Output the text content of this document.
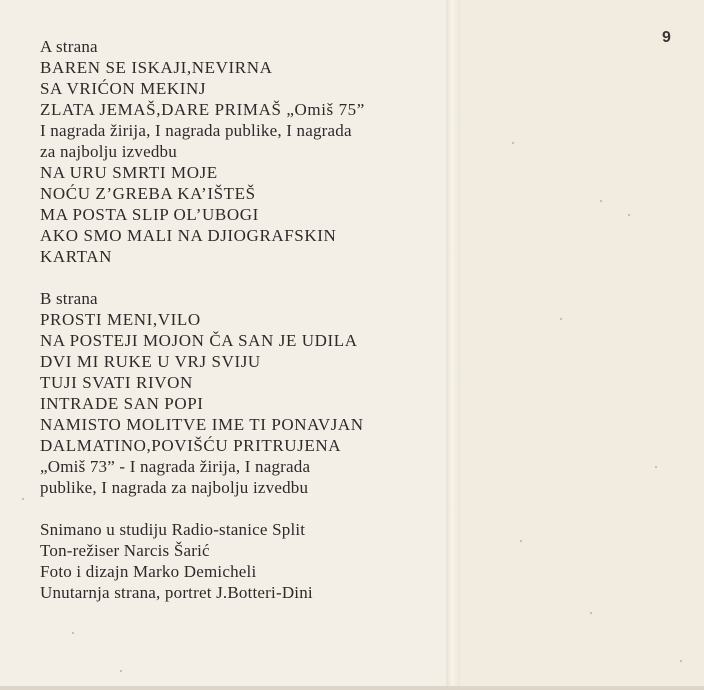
A strana
BAREN SE ISKAJI,NEVIRNA
SA VRIĆON MEKINJ
ZLATA JEMAŠ,DARE PRIMAŠ „Omiš 75”
I nagrada žirija, I nagrada publike, I nagrada
za najbolju izvedbu
NA URU SMRTI MOJE
NOĆU Z’GREBA KA’IŠTEŠ
MA POSTA SLIP OL’UBOGI
AKO SMO MALI NA DJIOGRAFSKIN
KARTAN
B strana
PROSTI MENI,VILO
NA POSTEJI MOJON ČA SAN JE UDILA
DVI MI RUKE U VRJ SVIJU
TUJI SVATI RIVON
INTRADE SAN POPI
NAMISTO MOLITVE IME TI PONAVJAN
DALMATINO,POVIŠĆU PRITRUJENA
„Omiš 73” - I nagrada žirija, I nagrada
publike, I nagrada za najbolju izvedbu
Snimano u studiju Radio-stanice Split
Ton-režiser Narcis Šarić
Foto i dizajn Marko Demicheli
Unutarnja strana, portret J.Botteri-Dini
6
